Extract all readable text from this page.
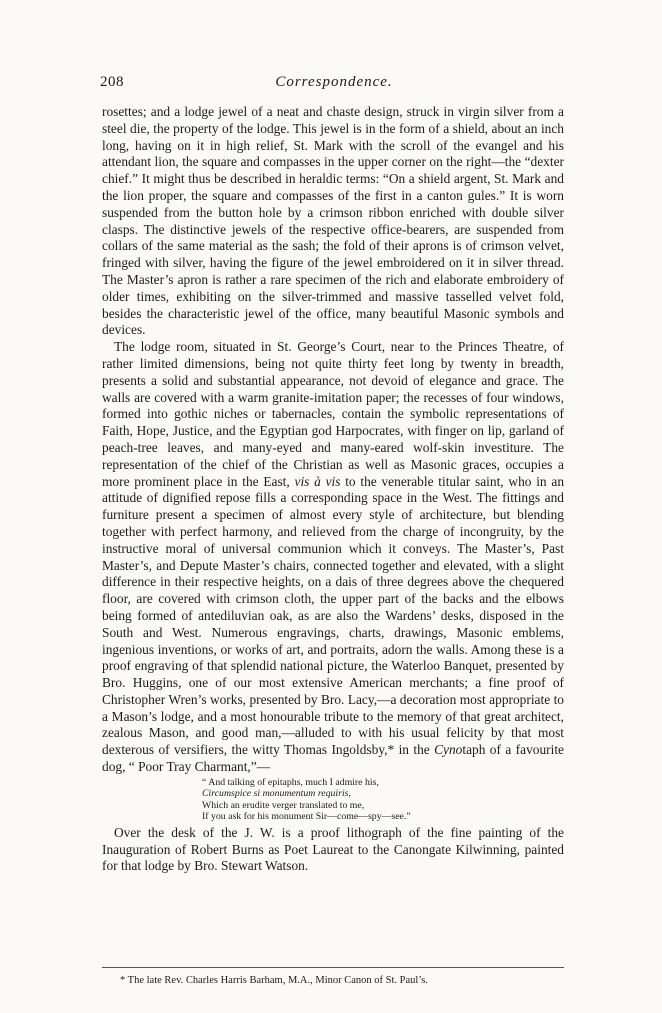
208	Correspondence.

rosettes; and a lodge jewel of a neat and chaste design, struck in virgin silver from a steel die, the property of the lodge. This jewel is in the form of a shield, about an inch long, having on it in high relief, St. Mark with the scroll of the evangel and his attendant lion, the square and compasses in the upper corner on the right—the “dexter chief.” It might thus be described in heraldic terms: “On a shield argent, St. Mark and the lion proper, the square and compasses of the first in a canton gules.” It is worn suspended from the button hole by a crimson ribbon enriched with double silver clasps. The distinctive jewels of the respective office-bearers, are suspended from collars of the same material as the sash; the fold of their aprons is of crimson velvet, fringed with silver, having the figure of the jewel embroidered on it in silver thread. The Master’s apron is rather a rare specimen of the rich and elaborate embroidery of older times, exhibiting on the silver-trimmed and massive tasselled velvet fold, besides the characteristic jewel of the office, many beautiful Masonic symbols and devices.

The lodge room, situated in St. George’s Court, near to the Princes Theatre, of rather limited dimensions, being not quite thirty feet long by twenty in breadth, presents a solid and substantial appearance, not devoid of elegance and grace. The walls are covered with a warm granite-imitation paper; the recesses of four windows, formed into gothic niches or tabernacles, contain the symbolic representations of Faith, Hope, Justice, and the Egyptian god Harpocrates, with finger on lip, garland of peach-tree leaves, and many-eyed and many-eared wolf-skin investiture. The representation of the chief of the Christian as well as Masonic graces, occupies a more prominent place in the East, vis à vis to the venerable titular saint, who in an attitude of dignified repose fills a corresponding space in the West. The fittings and furniture present a specimen of almost every style of architecture, but blending together with perfect harmony, and relieved from the charge of incongruity, by the instructive moral of universal communion which it conveys. The Master’s, Past Master’s, and Depute Master’s chairs, connected together and elevated, with a slight difference in their respective heights, on a dais of three degrees above the chequered floor, are covered with crimson cloth, the upper part of the backs and the elbows being formed of antediluvian oak, as are also the Wardens’ desks, disposed in the South and West. Numerous engravings, charts, drawings, Masonic emblems, ingenious inventions, or works of art, and portraits, adorn the walls. Among these is a proof engraving of that splendid national picture, the Waterloo Banquet, presented by Bro. Huggins, one of our most extensive American merchants; a fine proof of Christopher Wren’s works, presented by Bro. Lacy,—a decoration most appropriate to a Mason’s lodge, and a most honourable tribute to the memory of that great architect, zealous Mason, and good man,—alluded to with his usual felicity by that most dexterous of versifiers, the witty Thomas Ingoldsby,* in the Cynotaph of a favourite dog, “ Poor Tray Charmant,”—

“ And talking of epitaphs, much I admire his,
Circumspice si monumentum requiris,
Which an erudite verger translated to me,
If you ask for his monument Sir—come—spy—see.”

Over the desk of the J. W. is a proof lithograph of the fine painting of the Inauguration of Robert Burns as Poet Laureat to the Canongate Kilwinning, painted for that lodge by Bro. Stewart Watson.

* The late Rev. Charles Harris Barham, M.A., Minor Canon of St. Paul’s.
